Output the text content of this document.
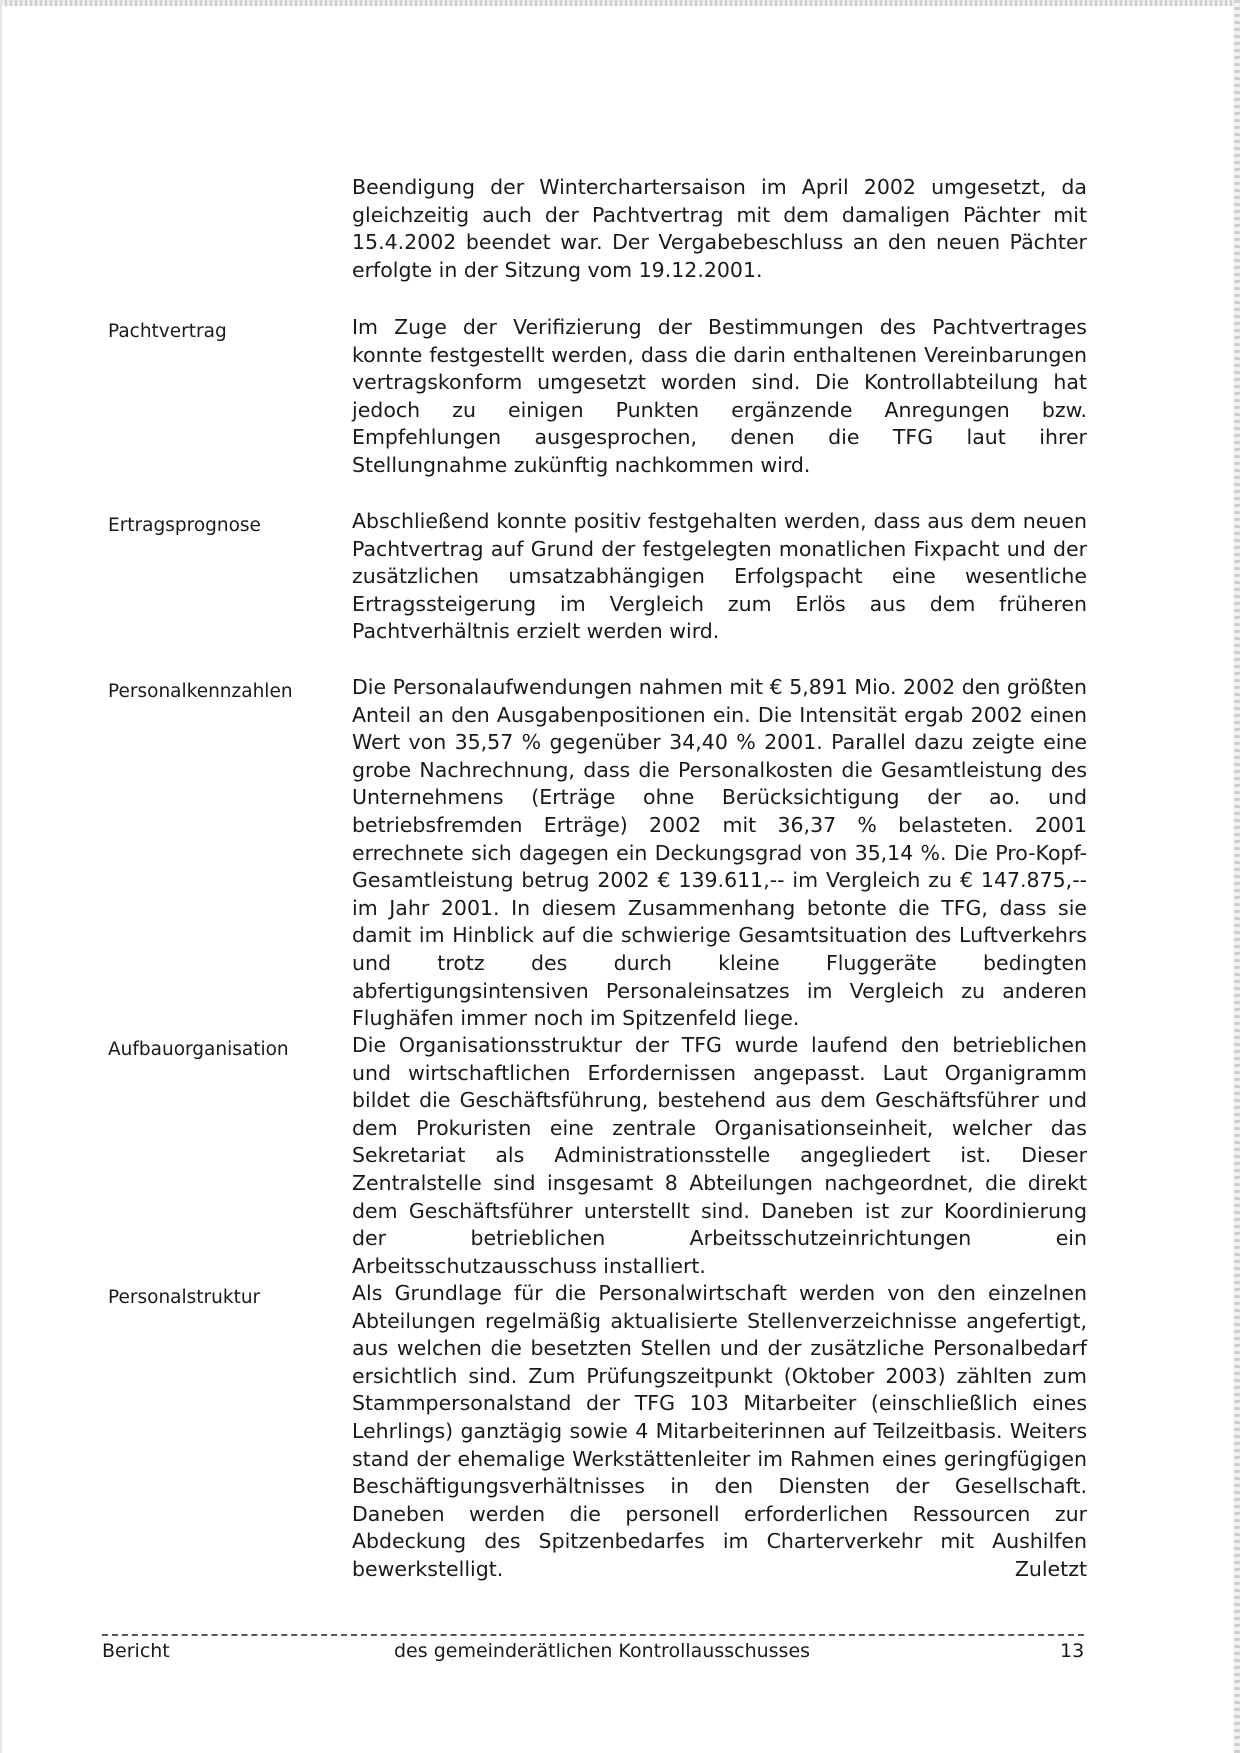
Beendigung der Winterchartersaison im April 2002 umgesetzt, da gleichzeitig auch der Pachtvertrag mit dem damaligen Pächter mit 15.4.2002 beendet war. Der Vergabebeschluss an den neuen Pächter erfolgte in der Sitzung vom 19.12.2001.

Pachtvertrag	Im Zuge der Verifizierung der Bestimmungen des Pachtvertrages konnte festgestellt werden, dass die darin enthaltenen Vereinbarungen vertragskonform umgesetzt worden sind. Die Kontrollabteilung hat jedoch zu einigen Punkten ergänzende Anregungen bzw. Empfehlungen ausgesprochen, denen die TFG laut ihrer Stellungnahme zukünftig nachkommen wird.

Ertragsprognose	Abschließend konnte positiv festgehalten werden, dass aus dem neuen Pachtvertrag auf Grund der festgelegten monatlichen Fixpacht und der zusätzlichen umsatzabhängigen Erfolgspacht eine wesentliche Ertragssteigerung im Vergleich zum Erlös aus dem früheren Pachtverhältnis erzielt werden wird.

Personalkennzahlen	Die Personalaufwendungen nahmen mit € 5,891 Mio. 2002 den größten Anteil an den Ausgabenpositionen ein. Die Intensität ergab 2002 einen Wert von 35,57 % gegenüber 34,40 % 2001. Parallel dazu zeigte eine grobe Nachrechnung, dass die Personalkosten die Gesamtleistung des Unternehmens (Erträge ohne Berücksichtigung der ao. und betriebsfremden Erträge) 2002 mit 36,37 % belasteten. 2001 errechnete sich dagegen ein Deckungsgrad von 35,14 %. Die Pro-Kopf-Gesamtleistung betrug 2002 € 139.611,-- im Vergleich zu € 147.875,-- im Jahr 2001. In diesem Zusammenhang betonte die TFG, dass sie damit im Hinblick auf die schwierige Gesamtsituation des Luftverkehrs und trotz des durch kleine Fluggeräte bedingten abfertigungsintensiven Personaleinsatzes im Vergleich zu anderen Flughäfen immer noch im Spitzenfeld liege.

Aufbauorganisation	Die Organisationsstruktur der TFG wurde laufend den betrieblichen und wirtschaftlichen Erfordernissen angepasst. Laut Organigramm bildet die Geschäftsführung, bestehend aus dem Geschäftsführer und dem Prokuristen eine zentrale Organisationseinheit, welcher das Sekretariat als Administrationsstelle angegliedert ist. Dieser Zentralstelle sind insgesamt 8 Abteilungen nachgeordnet, die direkt dem Geschäftsführer unterstellt sind. Daneben ist zur Koordinierung der betrieblichen Arbeitsschutzeinrichtungen ein Arbeitsschutzausschuss installiert.

Personalstruktur	Als Grundlage für die Personalwirtschaft werden von den einzelnen Abteilungen regelmäßig aktualisierte Stellenverzeichnisse angefertigt, aus welchen die besetzten Stellen und der zusätzliche Personalbedarf ersichtlich sind. Zum Prüfungszeitpunkt (Oktober 2003) zählten zum Stammpersonalstand der TFG 103 Mitarbeiter (einschließlich eines Lehrlings) ganztägig sowie 4 Mitarbeiterinnen auf Teilzeitbasis. Weiters stand der ehemalige Werkstättenleiter im Rahmen eines geringfügigen Beschäftigungsverhältnisses in den Diensten der Gesellschaft. Daneben werden die personell erforderlichen Ressourcen zur Abdeckung des Spitzenbedarfes im Charterverkehr mit Aushilfen bewerkstelligt. Zuletzt

Bericht	des gemeinderätlichen Kontrollausschusses	13
